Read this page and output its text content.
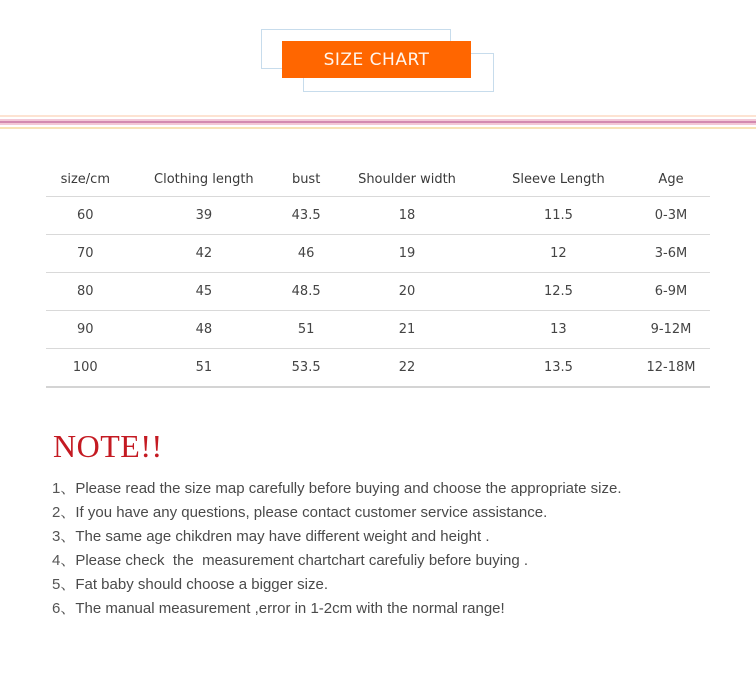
SIZE CHART
size/cm	Clothing length	bust	Shoulder width	Sleeve Length	Age
60	39	43.5	18	11.5	0-3M
70	42	46	19	12	3-6M
80	45	48.5	20	12.5	6-9M
90	48	51	21	13	9-12M
100	51	53.5	22	13.5	12-18M
NOTE!!
1、Please read the size map carefully before buying and choose the appropriate size.
2、If you have any questions, please contact customer service assistance.
3、The same age chikdren may have different weight and height .
4、Please check  the  measurement chartchart carefuliy before buying .
5、Fat baby should choose a bigger size.
6、The manual measurement ,error in 1-2cm with the normal range!
